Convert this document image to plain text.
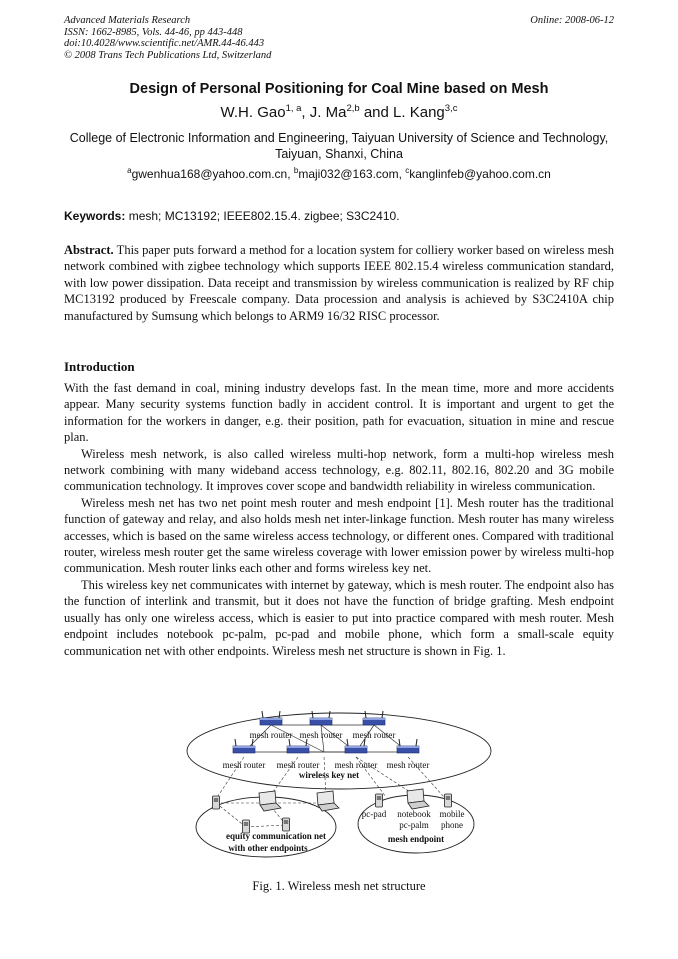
Advanced Materials Research
ISSN: 1662-8985, Vols. 44-46, pp 443-448
doi:10.4028/www.scientific.net/AMR.44-46.443
© 2008 Trans Tech Publications Ltd, Switzerland
Online: 2008-06-12
Design of Personal Positioning for Coal Mine based on Mesh
W.H. Gao$^{1, a}$, J. Ma$^{2,b}$ and L. Kang$^{3,c}$
College of Electronic Information and Engineering, Taiyuan University of Science and Technology, Taiyuan, Shanxi, China
$^a$gwenhua168@yahoo.com.cn, $^b$maji032@163.com, $^c$kanglinfeb@yahoo.com.cn
Keywords: mesh; MC13192; IEEE802.15.4. zigbee; S3C2410.
Abstract. This paper puts forward a method for a location system for colliery worker based on wireless mesh network combined with zigbee technology which supports IEEE 802.15.4 wireless communication standard, with low power dissipation. Data receipt and transmission by wireless communication is realized by RF chip MC13192 produced by Freescale company. Data procession and analysis is achieved by S3C2410A chip manufactured by Sumsung which belongs to ARM9 16/32 RISC processor.
Introduction

With the fast demand in coal, mining industry develops fast. In the mean time, more and more accidents appear. Many security systems function badly in accident control. It is important and urgent to get the information for the workers in danger, e.g. their position, path for evacuation, situation in mine and rescue plan.

Wireless mesh network, is also called wireless multi-hop network, form a multi-hop wireless mesh network combining with many wideband access technology, e.g. 802.11, 802.16, 802.20 and 3G mobile communication technology. It improves cover scope and bandwidth reliability in wireless communication.

Wireless mesh net has two net point mesh router and mesh endpoint [1]. Mesh router has the traditional function of gateway and relay, and also holds mesh net inter-linkage function. Mesh router has many wireless accesses, which is based on the same wireless access technology, or different ones. Compared with traditional router, wireless mesh router get the same wireless coverage with lower emission power by wireless multi-hop communication. Mesh router links each other and forms wireless key net.

This wireless key net communicates with internet by gateway, which is mesh router. The endpoint also has the function of interlink and transmit, but it does not have the function of bridge grafting. Mesh endpoint usually has only one wireless access, which is easier to put into practice compared with mesh router. Mesh endpoint includes notebook pc-palm, pc-pad and mobile phone, which form a small-scale equity communication net with other endpoints. Wireless mesh net structure is shown in Fig. 1.

mesh router mesh router mesh router
mesh router mesh router mesh router mesh router
wireless key net
equity communication net
with other endpoints
pc-pad notebook
pc-palm
mobile
phone
mesh endpoint
Fig. 1. Wireless mesh net structure
